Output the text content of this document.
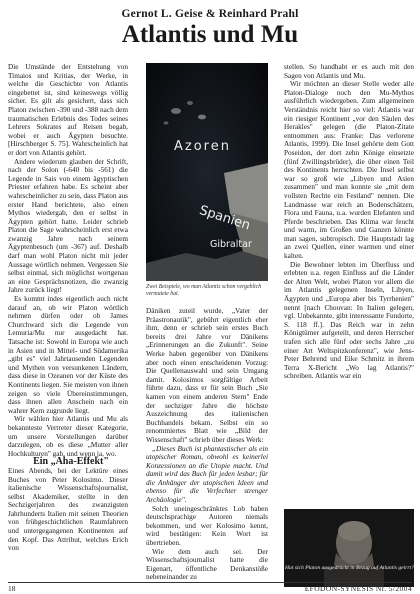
Gernot L. Geise & Reinhard Prahl
Atlantis und Mu

Die Umstände der Entstehung von Timaios und Kritias, der Werke, in welche die Geschichte von Atlantis eingebettet ist, sind keineswegs völlig sicher. Es gilt als gesichert, dass sich Platon zwischen -390 und -388 nach dem traumatischen Erlebnis des Todes seines Lehrers Sokrates auf Reisen begab, wobei er auch Ägypten besuchte. [Hirschberger S. 75]. Wahrscheinlich hat er dort von Atlantis gehört.

Andere wiederum glauben der Schrift, nach der Solon (-640 bis -561) die Legende in Sais von einem ägyptischen Priester erfahren habe. Es scheint aber wahrscheinlicher zu sein, dass Platon aus erster Hand berichtete, also einen Mythos wiedergab, den er selbst in Ägypten gehört hatte. Leider schrieb Platon die Sage wahrscheinlich erst etwa zwanzig Jahre nach seinem Ägyptenbesuch (um -367) auf. Deshalb darf man wohl Platon nicht mit jeder Aussage wörtlich nehmen. Vergessen Sie selbst einmal, sich möglichst wortgenau an eine Gesprächsnotizen, die zwanzig Jahre zurück liegt!

Es kommt indes eigentlich auch nicht darauf an, ob wir Platon wörtlich nehmen dürfen oder ob James Churchward sich die Legende von Lemuria/Mu nur ausgedacht hat. Tatsache ist: Sowohl in Europa wie auch in Asien und in Mittel- und Südamerika „gibt es" viel Jahrtausenden Legenden und Mythen von versunkenen Ländern, dass diese in Ozeanen vor der Küste des Kontinents liegen. Sie meisten von ihnen zeigen so viele Übereinstimmungen, dass ihnen allen Anschein nach ein wahrer Kern zugrunde liegt.

Wir wählen hier Atlantis und Mu als bekannteste Vertreter dieser Kategorie, um unsere Vorstellungen darüber darzulegen, ob es diese „Mutter aller Hochkulturen" gab, und wenn ja, wo.

Ein „Aha-Effekt"

Eines Abends, bei der Lektüre eines Buches von Peter Kolosimo. Dieser italienische Wissenschaftsjournalist, selbst Akademiker, stellte in den Sechzigerjahren des zwanzigsten Jahrhunderts Italien mit seinen Theorien von frühgeschichtlichen Raumfahrern und untergegangenen Kontinenten auf den Kopf. Das Attribut, welches Erich von

Azoren
Spanien
Gibraltar
Zwei Beispiele, wo man Atlantis schon vergeblich vermutete hat.

Däniken zuteil wurde, „Vater der Präastronautik", gebührt eigentlich eher ihm, denn er schrieb sein erstes Buch bereits drei Jahre vor Dänikens „Erinnerungen an die Zukunft". Seine Werke haben gegenüber von Dänikens aber noch einen entscheidenen Vorzug: Die Quellenauswahl und sein Umgang damit. Kolosimos sorgfältige Arbeit führte dazu, dass er für sein Buch „Sie kamen von einem anderen Stern" Ende der sechziger Jahre die höchste Auszeichnung des italienischen Buchhandels bekam. Selbst ein so renommiertes Blatt wie „Bild der Wissenschaft" schrieb über dieses Werk:

„Dieses Buch ist phantastischer als ein utopischer Roman, obwohl es keinerlei Konzessionen an die Utopie macht. Und damit wird das Buch für jeden lesbar; für die Anhänger der utopischen Ideen und ebenso für die Verfechter strenger Archäologie".

Solch uneingeschränktes Lob haben deutschsprachige Autoren niemals bekommen, und wer Kolosimo kennt, wird bestätigen: Kein Wort ist übertrieben.

Wie dem auch sei. Der Wissenschaftsjournalist hatte die Eigenart, öffentliche Denkanstöße nebeneinander zu

stellen. So handhabt er es auch mit den Sagen von Atlantis und Mu.

Wir möchten an dieser Stelle weder alle Platon-Dialoge noch den Mu-Mythos ausführlich wiedergeben. Zum allgemeinen Verständnis reicht hier so viel: Atlantis war ein riesiger Kontinent „vor den Säulen des Herakles" gelegen (die Platon-Zitate entnommen aus: Franke: Das verlorene Atlantis, 1999). Die Insel gehörte dem Gott Poseidon, der dort zehn Könige einsetzte (fünf Zwillingsbrüder), die über einen Teil des Kontinents herrschten. Die Insel selbst war so groß wie „Libyen und Asien zusammen" und man konnte sie „mit dem vollsten Rechte ein Festland" nennen. Die Landmasse war reich an Bodenschätzen, Flora und Fauna, u.a. wurden Elefanten und Pferde beschrieben. Das Klima war feucht und warm, im Großen und Ganzen könnte man sagen, subtropisch. Die Hauptstadt lag an zwei Quellen, einer warmen und einer kalten.

Die Bewohner lebten im Überfluss und erlebten u.a. regen Einfluss auf die Länder der Alten Welt, wobei Platon vor allem die im Atlantis gelegenen Inseln, Libyen, Ägypten und „Europa aber bis Tyrrhenien" nennt [nach Chouvan: In Italien gelegen, vgl. Unbekannte, gibt interessante Fundorte, S. 118 ff.]. Das Reich war in zehn Königtümer aufgeteilt, und deren Herrscher trafen sich alle fünf oder sechs Jahre „zu einer Art Weltspitzkonferenz", wie Jens-Peter Behrend und Eike Schmitz in ihrem Terra X-Bericht „Wo lag Atlantis?" schreiben. Atlantis war ein

Hat sich Platon ausgedrückt in Bezug auf Atlantis geirrt?
18	EFODON-SYNESIS Nr. 5/2004
